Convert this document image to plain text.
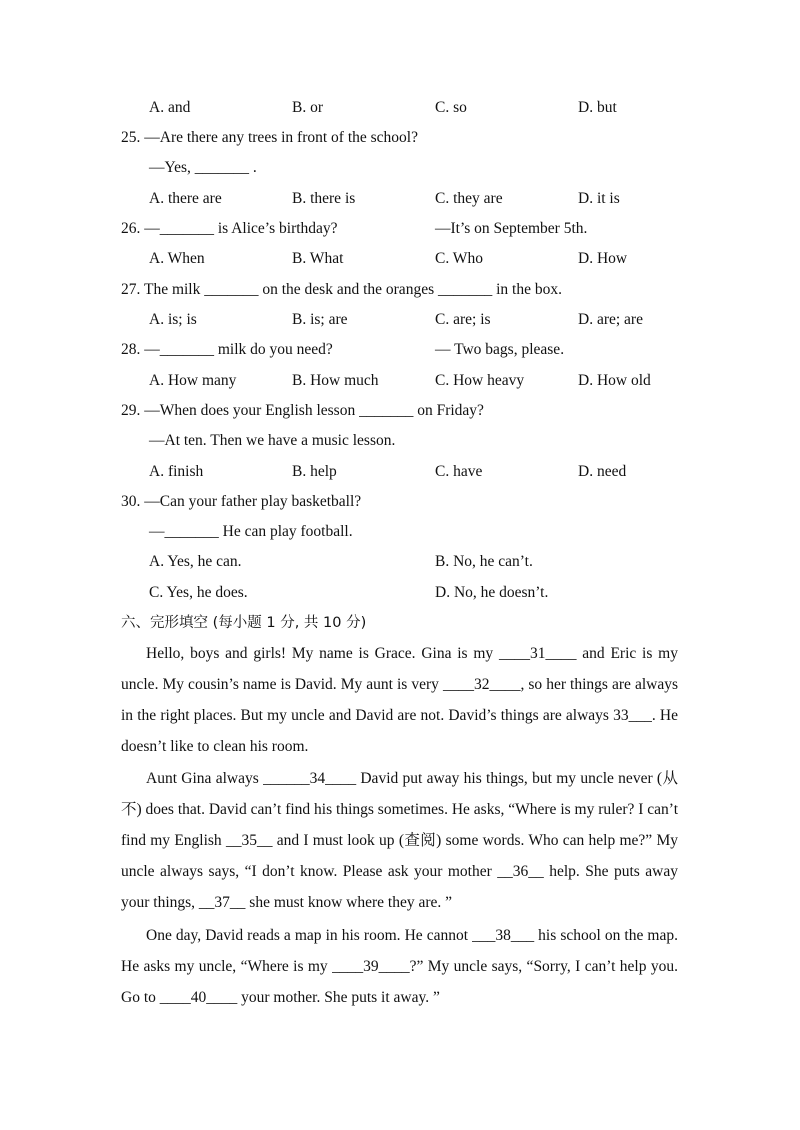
A. and	B. or	C. so	D. but
25. —Are there any trees in front of the school?
—Yes, _______ .
A. there are	B. there is	C. they are	D. it is
26. —_______ is Alice’s birthday?	—It’s on September 5th.
A. When	B. What	C. Who	D. How
27. The milk _______ on the desk and the oranges _______ in the box.
A. is; is	B. is; are	C. are; is	D. are; are
28. —_______ milk do you need?	— Two bags, please.
A. How many	B. How much	C. How heavy	D. How old
29. —When does your English lesson _______ on Friday?
—At ten. Then we have a music lesson.
A. finish	B. help	C. have	D. need
30. —Can your father play basketball?
—_______ He can play football.
A. Yes, he can.	B. No, he can’t.
C. Yes, he does.	D. No, he doesn’t.
六、完形填空 (每小题 1 分, 共 10 分)
Hello, boys and girls! My name is Grace. Gina is my ____31____ and Eric is my uncle. My cousin’s name is David. My aunt is very ____32____, so her things are always in the right places. But my uncle and David are not. David’s things are always 33___. He doesn’t like to clean his room.
Aunt Gina always ______34____ David put away his things, but my uncle never (从不) does that. David can’t find his things sometimes. He asks, “Where is my ruler? I can’t find my English __35__ and I must look up (查阅) some words. Who can help me?” My uncle always says, “I don’t know. Please ask your mother __36__ help. She puts away your things, __37__ she must know where they are. ”
One day, David reads a map in his room. He cannot ___38___ his school on the map. He asks my uncle, “Where is my ____39____?” My uncle says, “Sorry, I can’t help you. Go to ____40____ your mother. She puts it away. ”
